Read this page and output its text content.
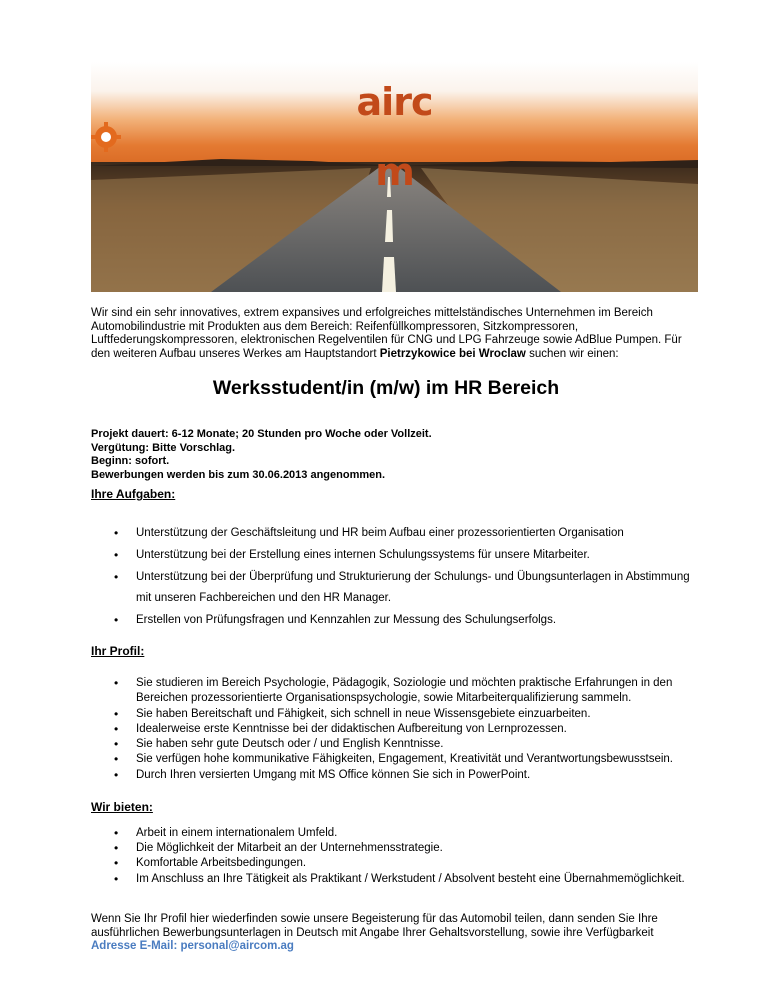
airc
m

Wir sind ein sehr innovatives, extrem expansives und erfolgreiches mittelständisches Unternehmen im Bereich Automobilindustrie mit Produkten aus dem Bereich: Reifenfüllkompressoren, Sitzkompressoren, Luftfederungskompressoren, elektronischen Regelventilen für CNG und LPG Fahrzeuge sowie AdBlue Pumpen. Für den weiteren Aufbau unseres Werkes am Hauptstandort Pietrzykowice bei Wroclaw suchen wir einen:

Werksstudent/in (m/w) im HR Bereich
Projekt dauert: 6-12 Monate; 20 Stunden pro Woche oder Vollzeit.
Vergütung: Bitte Vorschlag.
Beginn: sofort.
Bewerbungen werden bis zum 30.06.2013 angenommen.
Ihre Aufgaben:
• Unterstützung der Geschäftsleitung und HR beim Aufbau einer prozessorientierten Organisation
• Unterstützung bei der Erstellung eines internen Schulungssystems für unsere Mitarbeiter.
• Unterstützung bei der Überprüfung und Strukturierung der Schulungs- und Übungsunterlagen in Abstimmung mit unseren Fachbereichen und den HR Manager.
• Erstellen von Prüfungsfragen und Kennzahlen zur Messung des Schulungserfolgs.
Ihr Profil:
• Sie studieren im Bereich Psychologie, Pädagogik, Soziologie und möchten praktische Erfahrungen in den Bereichen prozessorientierte Organisationspsychologie, sowie Mitarbeiterqualifizierung sammeln.
• Sie haben Bereitschaft und Fähigkeit, sich schnell in neue Wissensgebiete einzuarbeiten.
• Idealerweise erste Kenntnisse bei der didaktischen Aufbereitung von Lernprozessen.
• Sie haben sehr gute Deutsch oder / und English Kenntnisse.
• Sie verfügen hohe kommunikative Fähigkeiten, Engagement, Kreativität und Verantwortungsbewusstsein.
• Durch Ihren versierten Umgang mit MS Office können Sie sich in PowerPoint.
Wir bieten:
• Arbeit in einem internationalem Umfeld.
• Die Möglichkeit der Mitarbeit an der Unternehmensstrategie.
• Komfortable Arbeitsbedingungen.
• Im Anschluss an Ihre Tätigkeit als Praktikant / Werkstudent / Absolvent besteht eine Übernahmemöglichkeit.

Wenn Sie Ihr Profil hier wiederfinden sowie unsere Begeisterung für das Automobil teilen, dann senden Sie Ihre ausführlichen Bewerbungsunterlagen in Deutsch mit Angabe Ihrer Gehaltsvorstellung, sowie ihre Verfügbarkeit

Adresse E-Mail: personal@aircom.ag
